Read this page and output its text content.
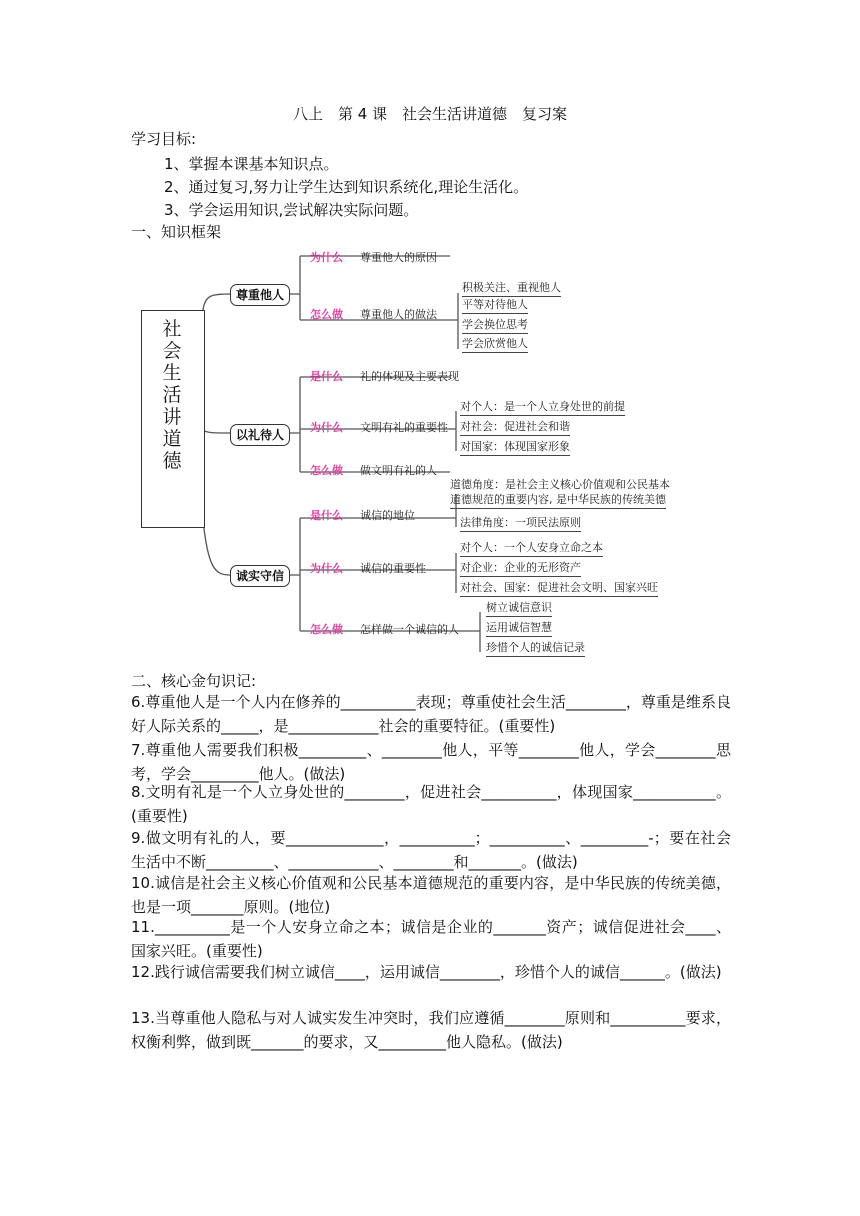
八上　第 4 课　社会生活讲道德　复习案
学习目标:
1、掌握本课基本知识点。
2、通过复习,努力让学生达到知识系统化,理论生活化。
3、学会运用知识,尝试解决实际问题。
一、知识框架
社会生活讲道德
尊重他人
为什么 尊重他人的原因
怎么做 尊重他人的做法
积极关注、重视他人
平等对待他人
学会换位思考
学会欣赏他人
以礼待人
是什么 礼的体现及主要表现
为什么 文明有礼的重要性
对个人：是一个人立身处世的前提
对社会：促进社会和谐
对国家：体现国家形象
怎么做 做文明有礼的人
诚实守信
是什么 诚信的地位
道德角度：是社会主义核心价值观和公民基本
道德规范的重要内容, 是中华民族的传统美德
法律角度：一项民法原则
为什么 诚信的重要性
对个人：一个人安身立命之本
对企业：企业的无形资产
对社会、国家：促进社会文明、国家兴旺
怎么做 怎样做一个诚信的人
树立诚信意识
运用诚信智慧
珍惜个人的诚信记录
二、核心金句识记:
6.尊重他人是一个人内在修养的__________表现；尊重使社会生活________，尊重是维系良好人际关系的_____，是____________社会的重要特征。(重要性)
7.尊重他人需要我们积极_________、________他人，平等________他人，学会________思考，学会_________他人。(做法)
8.文明有礼是一个人立身处世的________，促进社会__________，体现国家___________。(重要性)
9.做文明有礼的人，要_____________，__________；__________、_________-；要在社会生活中不断_________、____________、________和_______。(做法)
10.诚信是社会主义核心价值观和公民基本道德规范的重要内容，是中华民族的传统美德，也是一项_______原则。(地位)
11.__________是一个人安身立命之本；诚信是企业的_______资产；诚信促进社会____、国家兴旺。(重要性)
12.践行诚信需要我们树立诚信____，运用诚信________，珍惜个人的诚信______。(做法)
13.当尊重他人隐私与对人诚实发生冲突时，我们应遵循________原则和__________要求，权衡利弊，做到既_______的要求，又_________他人隐私。(做法)
